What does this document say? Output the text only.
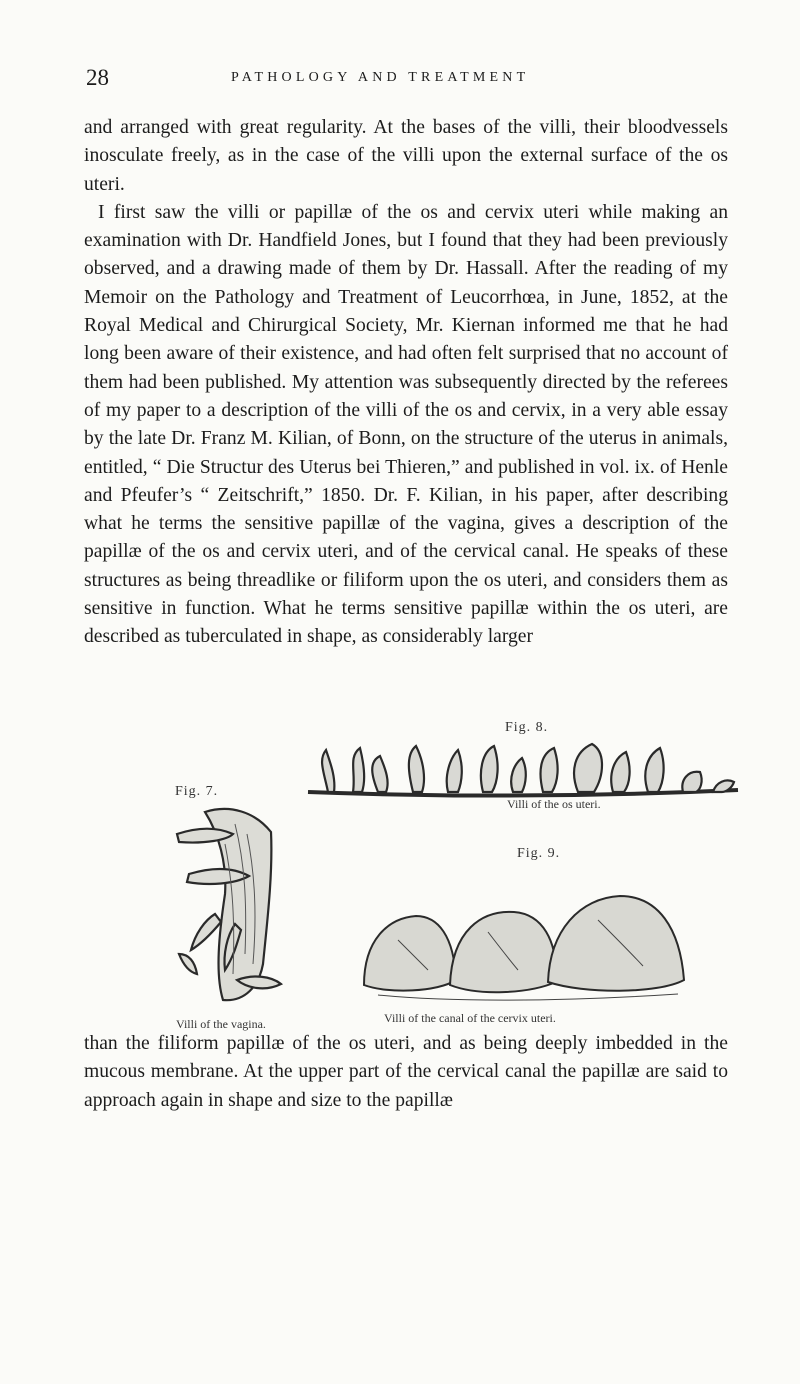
28	PATHOLOGY AND TREATMENT

and arranged with great regularity. At the bases of the villi, their bloodvessels inosculate freely, as in the case of the villi upon the external surface of the os uteri.

I first saw the villi or papillæ of the os and cervix uteri while making an examination with Dr. Handfield Jones, but I found that they had been previously observed, and a drawing made of them by Dr. Hassall. After the reading of my Memoir on the Pathology and Treatment of Leucorrhœa, in June, 1852, at the Royal Medical and Chirurgical Society, Mr. Kiernan informed me that he had long been aware of their existence, and had often felt surprised that no account of them had been published. My attention was subsequently directed by the referees of my paper to a description of the villi of the os and cervix, in a very able essay by the late Dr. Franz M. Kilian, of Bonn, on the structure of the uterus in animals, entitled, “ Die Structur des Uterus bei Thieren,” and published in vol. ix. of Henle and Pfeufer’s “ Zeitschrift,” 1850. Dr. F. Kilian, in his paper, after describing what he terms the sensitive papillæ of the vagina, gives a description of the papillæ of the os and cervix uteri, and of the cervical canal. He speaks of these structures as being threadlike or filiform upon the os uteri, and considers them as sensitive in function. What he terms sensitive papillæ within the os uteri, are described as tuberculated in shape, as considerably larger

Fig. 8.
Fig. 7.
Villi of the os uteri.
Villi of the vagina.
Fig. 9.
Villi of the canal of the cervix uteri.

than the filiform papillæ of the os uteri, and as being deeply imbedded in the mucous membrane. At the upper part of the cervical canal the papillæ are said to approach again in shape and size to the papillæ
